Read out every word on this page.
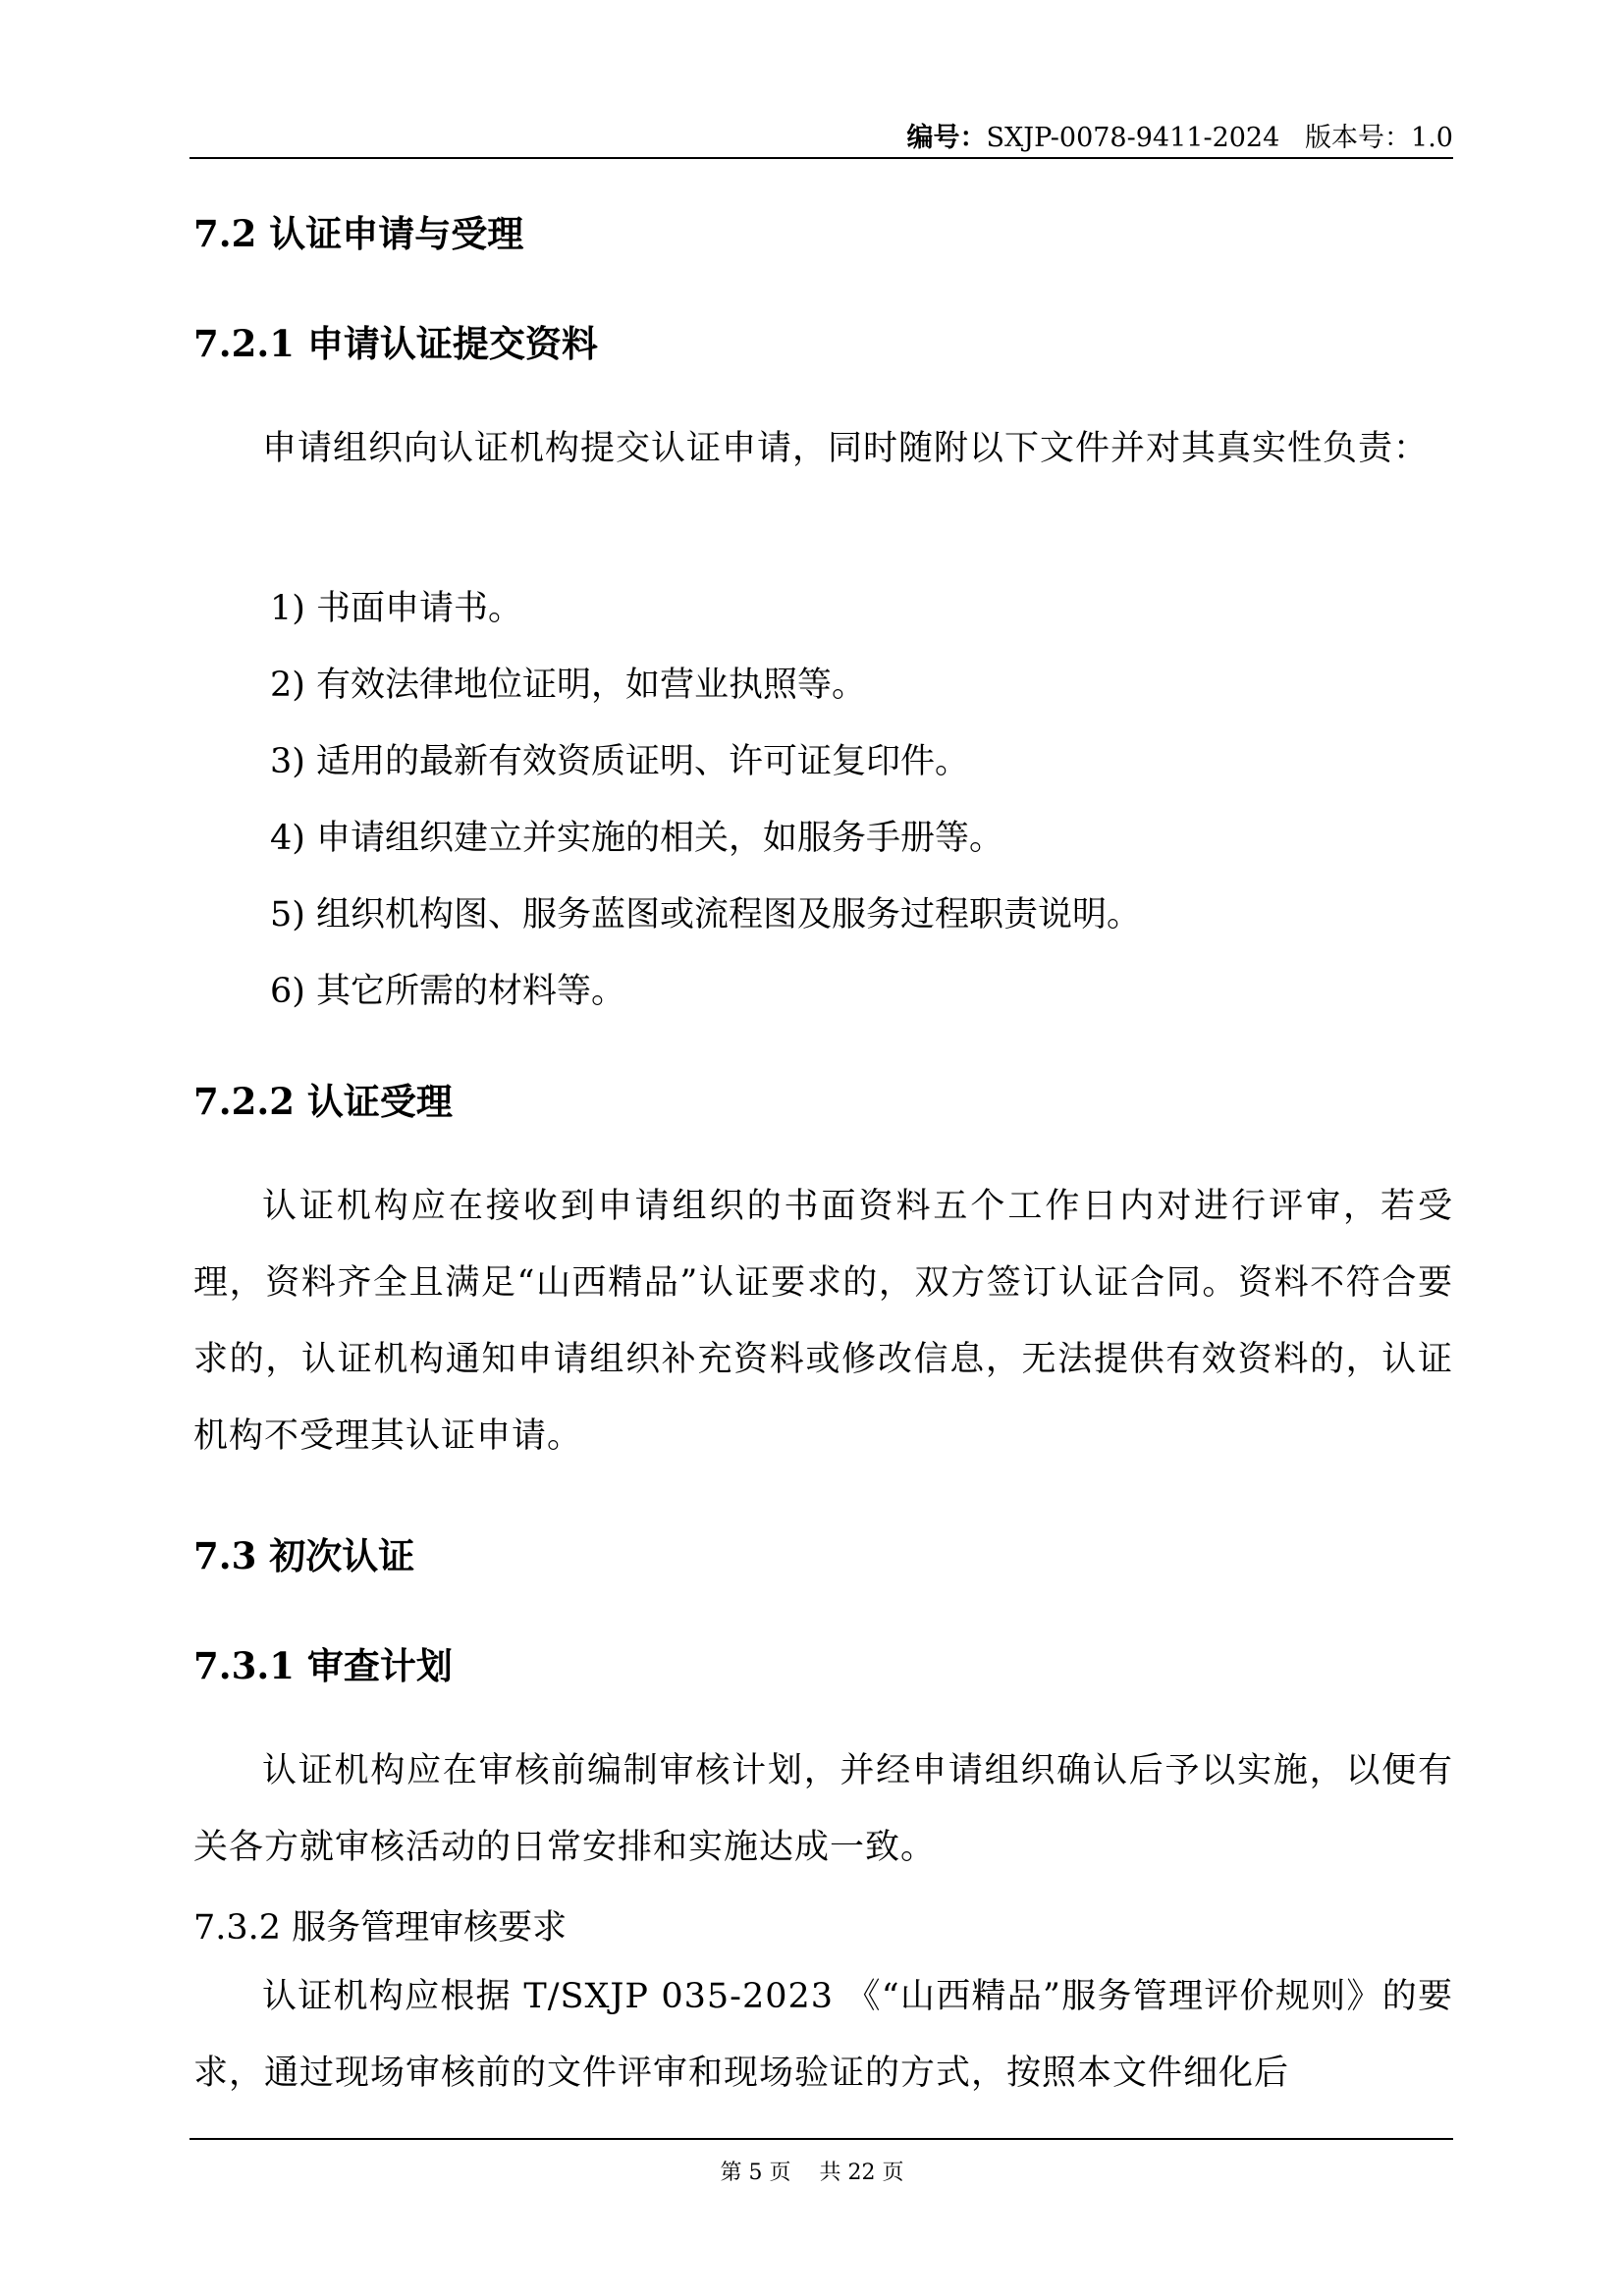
编号：SXJP-0078-9411-2024 版本号：1.0
7.2 认证申请与受理
7.2.1 申请认证提交资料

申请组织向认证机构提交认证申请，同时随附以下文件并对其真实性负责：

1) 书面申请书。
2) 有效法律地位证明，如营业执照等。
3) 适用的最新有效资质证明、许可证复印件。
4) 申请组织建立并实施的相关，如服务手册等。
5) 组织机构图、服务蓝图或流程图及服务过程职责说明。
6) 其它所需的材料等。
7.2.2 认证受理

认证机构应在接收到申请组织的书面资料五个工作日内对进行评审，若受理，资料齐全且满足“山西精品”认证要求的，双方签订认证合同。资料不符合要求的，认证机构通知申请组织补充资料或修改信息，无法提供有效资料的，认证机构不受理其认证申请。

7.3 初次认证
7.3.1 审查计划

认证机构应在审核前编制审核计划，并经申请组织确认后予以实施，以便有关各方就审核活动的日常安排和实施达成一致。

7.3.2 服务管理审核要求

认证机构应根据 T/SXJP 035-2023 《“山西精品”服务管理评价规则》的要求，通过现场审核前的文件评审和现场验证的方式，按照本文件细化后

第 5 页　 共 22 页
